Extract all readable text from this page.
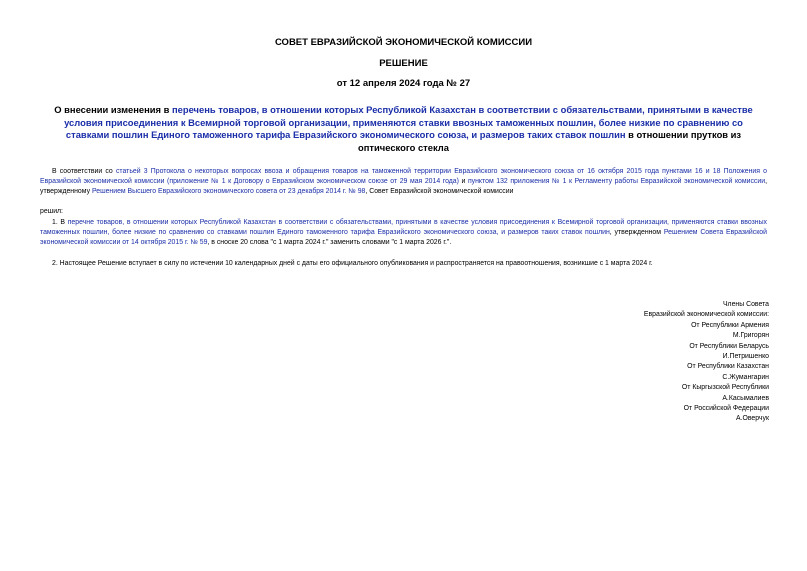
СОВЕТ ЕВРАЗИЙСКОЙ ЭКОНОМИЧЕСКОЙ КОМИССИИ
РЕШЕНИЕ
от 12 апреля 2024 года № 27
О внесении изменения в перечень товаров, в отношении которых Республикой Казахстан в соответствии с обязательствами, принятыми в качестве условия присоединения к Всемирной торговой организации, применяются ставки ввозных таможенных пошлин, более низкие по сравнению со ставками пошлин Единого таможенного тарифа Евразийского экономического союза, и размеров таких ставок пошлин в отношении прутков из оптического стекла
В соответствии со статьей 3 Протокола о некоторых вопросах ввоза и обращения товаров на таможенной территории Евразийского экономического союза от 16 октября 2015 года пунктами 16 и 18 Положения о Евразийской экономической комиссии (приложение № 1 к Договору о Евразийском экономическом союзе от 29 мая 2014 года) и пунктом 132 приложения № 1 к Регламенту работы Евразийской экономической комиссии, утвержденному Решением Высшего Евразийского экономического совета от 23 декабря 2014 г. № 98, Совет Евразийской экономической комиссии
решил:
1. В перечне товаров, в отношении которых Республикой Казахстан в соответствии с обязательствами, принятыми в качестве условия присоединения к Всемирной торговой организации, применяются ставки ввозных таможенных пошлин, более низкие по сравнению со ставками пошлин Единого таможенного тарифа Евразийского экономического союза, и размеров таких ставок пошлин, утвержденном Решением Совета Евразийской экономической комиссии от 14 октября 2015 г. № 59, в сноске 20 слова "с 1 марта 2024 г." заменить словами "с 1 марта 2026 г.".
2. Настоящее Решение вступает в силу по истечении 10 календарных дней с даты его официального опубликования и распространяется на правоотношения, возникшие с 1 марта 2024 г.
Члены Совета
Евразийской экономической комиссии:
От Республики Армения
М.Григорян
От Республики Беларусь
И.Петришенко
От Республики Казахстан
С.Жумангарин
От Кыргызской Республики
А.Касымалиев
От Российской Федерации
А.Оверчук
